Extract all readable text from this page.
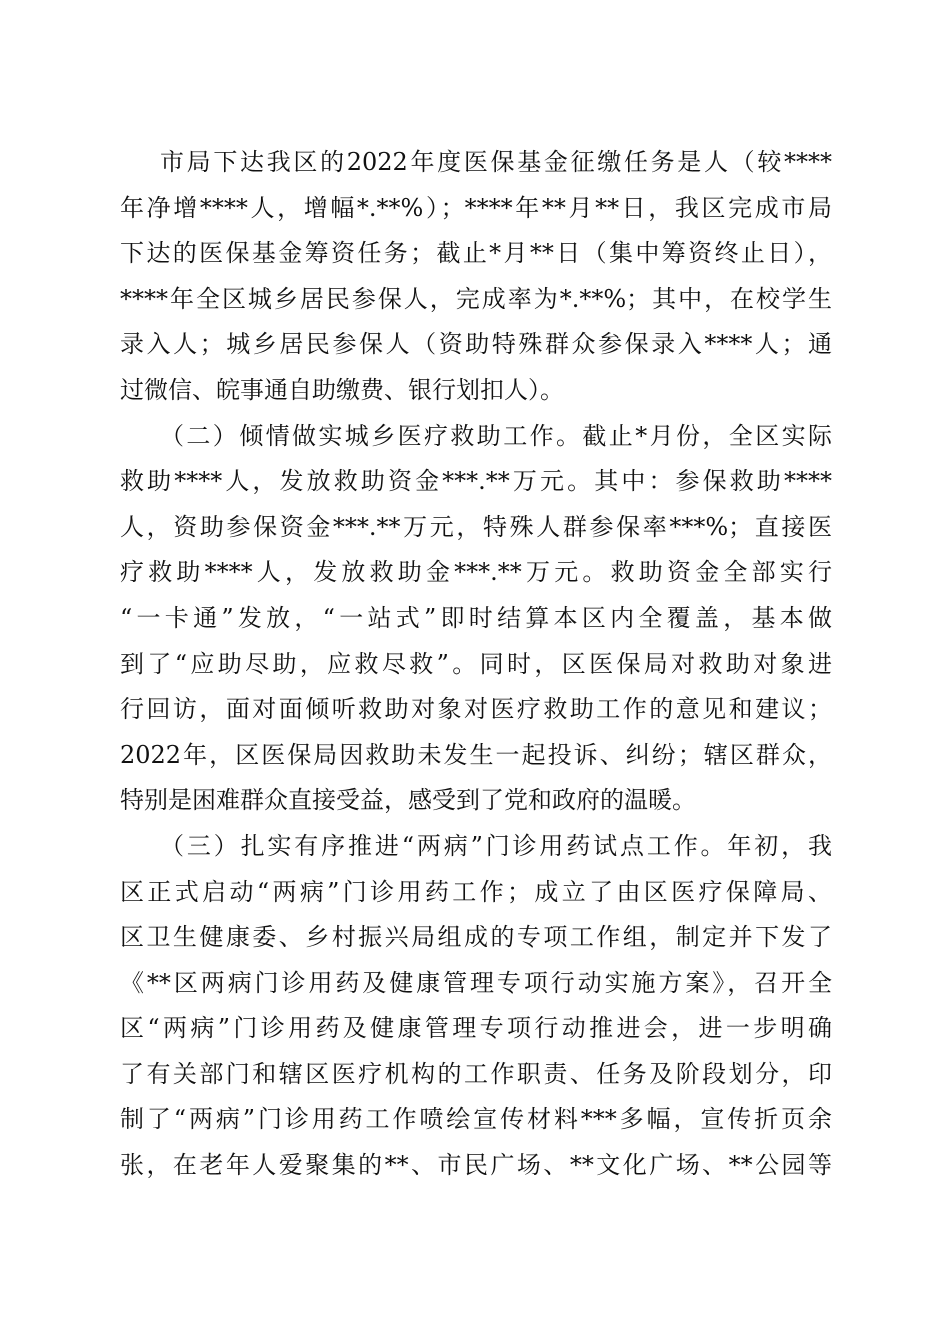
市局下达我区的2022年度医保基金征缴任务是人（较****
年净增****人，增幅*.**%）；****年**月**日，我区完成市局
下达的医保基金筹资任务；截止*月**日（集中筹资终止日），
****年全区城乡居民参保人，完成率为*.**%；其中，在校学生
录入人；城乡居民参保人（资助特殊群众参保录入****人；通
过微信、皖事通自助缴费、银行划扣人）。
（二）倾情做实城乡医疗救助工作。截止*月份，全区实际
救助****人，发放救助资金***.**万元。其中：参保救助****
人，资助参保资金***.**万元，特殊人群参保率***%；直接医
疗救助****人，发放救助金***.**万元。救助资金全部实行
“一卡通”发放，“一站式”即时结算本区内全覆盖，基本做
到了“应助尽助，应救尽救”。同时，区医保局对救助对象进
行回访，面对面倾听救助对象对医疗救助工作的意见和建议；
2022年，区医保局因救助未发生一起投诉、纠纷；辖区群众，
特别是困难群众直接受益，感受到了党和政府的温暖。
（三）扎实有序推进“两病”门诊用药试点工作。年初，我
区正式启动“两病”门诊用药工作；成立了由区医疗保障局、
区卫生健康委、乡村振兴局组成的专项工作组，制定并下发了
《**区两病门诊用药及健康管理专项行动实施方案》，召开全
区“两病”门诊用药及健康管理专项行动推进会，进一步明确
了有关部门和辖区医疗机构的工作职责、任务及阶段划分，印
制了“两病”门诊用药工作喷绘宣传材料***多幅，宣传折页余
张，在老年人爱聚集的**、市民广场、**文化广场、**公园等
